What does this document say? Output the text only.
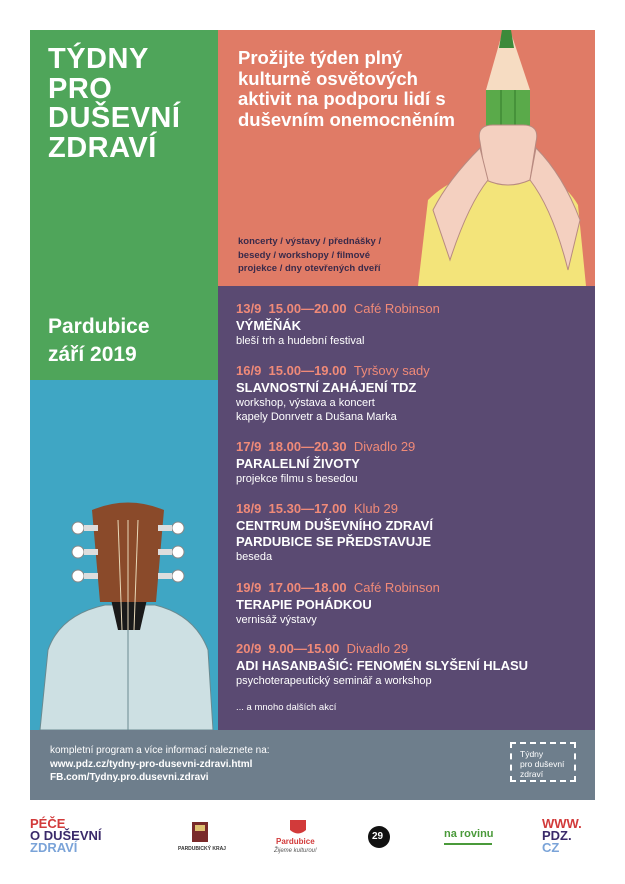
TÝDNY
PRO
DUŠEVNÍ
ZDRAVÍ
Prožijte týden plný kulturně osvětových aktivit na podporu lidí s duševním onemocněním
koncerty / výstavy / přednášky /
besedy / workshopy / filmové
projekce / dny otevřených dveří
Pardubice
září 2019
13/9 15.00—20.00 Café Robinson
VÝMĚŇÁK
bleší trh a hudební festival
16/9 15.00—19.00 Tyršovy sady
SLAVNOSTNÍ ZAHÁJENÍ TDZ
workshop, výstava a koncert
kapely Donrvetr a Dušana Marka
17/9 18.00—20.30 Divadlo 29
PARALELNÍ ŽIVOTY
projekce filmu s besedou
18/9 15.30—17.00 Klub 29
CENTRUM DUŠEVNÍHO ZDRAVÍ
PARDUBICE SE PŘEDSTAVUJE
beseda
19/9 17.00—18.00 Café Robinson
TERAPIE POHÁDKOU
vernisáž výstavy
20/9 9.00—15.00 Divadlo 29
ADI HASANBAŠIĆ: FENOMÉN SLYŠENÍ HLASU
psychoterapeutický seminář a workshop
... a mnoho dalších akcí
kompletní program a více informací naleznete na:
www.pdz.cz/tydny-pro-dusevni-zdravi.html
FB.com/Tydny.pro.dusevni.zdravi
Týdny
pro duševní
zdraví
PÉČE
O DUŠEVNÍ
ZDRAVÍ	PARDUBICKÝ KRAJ
Pardubice
Žijeme kulturou!
29	na rovinu
WWW.
PDZ.
CZ
